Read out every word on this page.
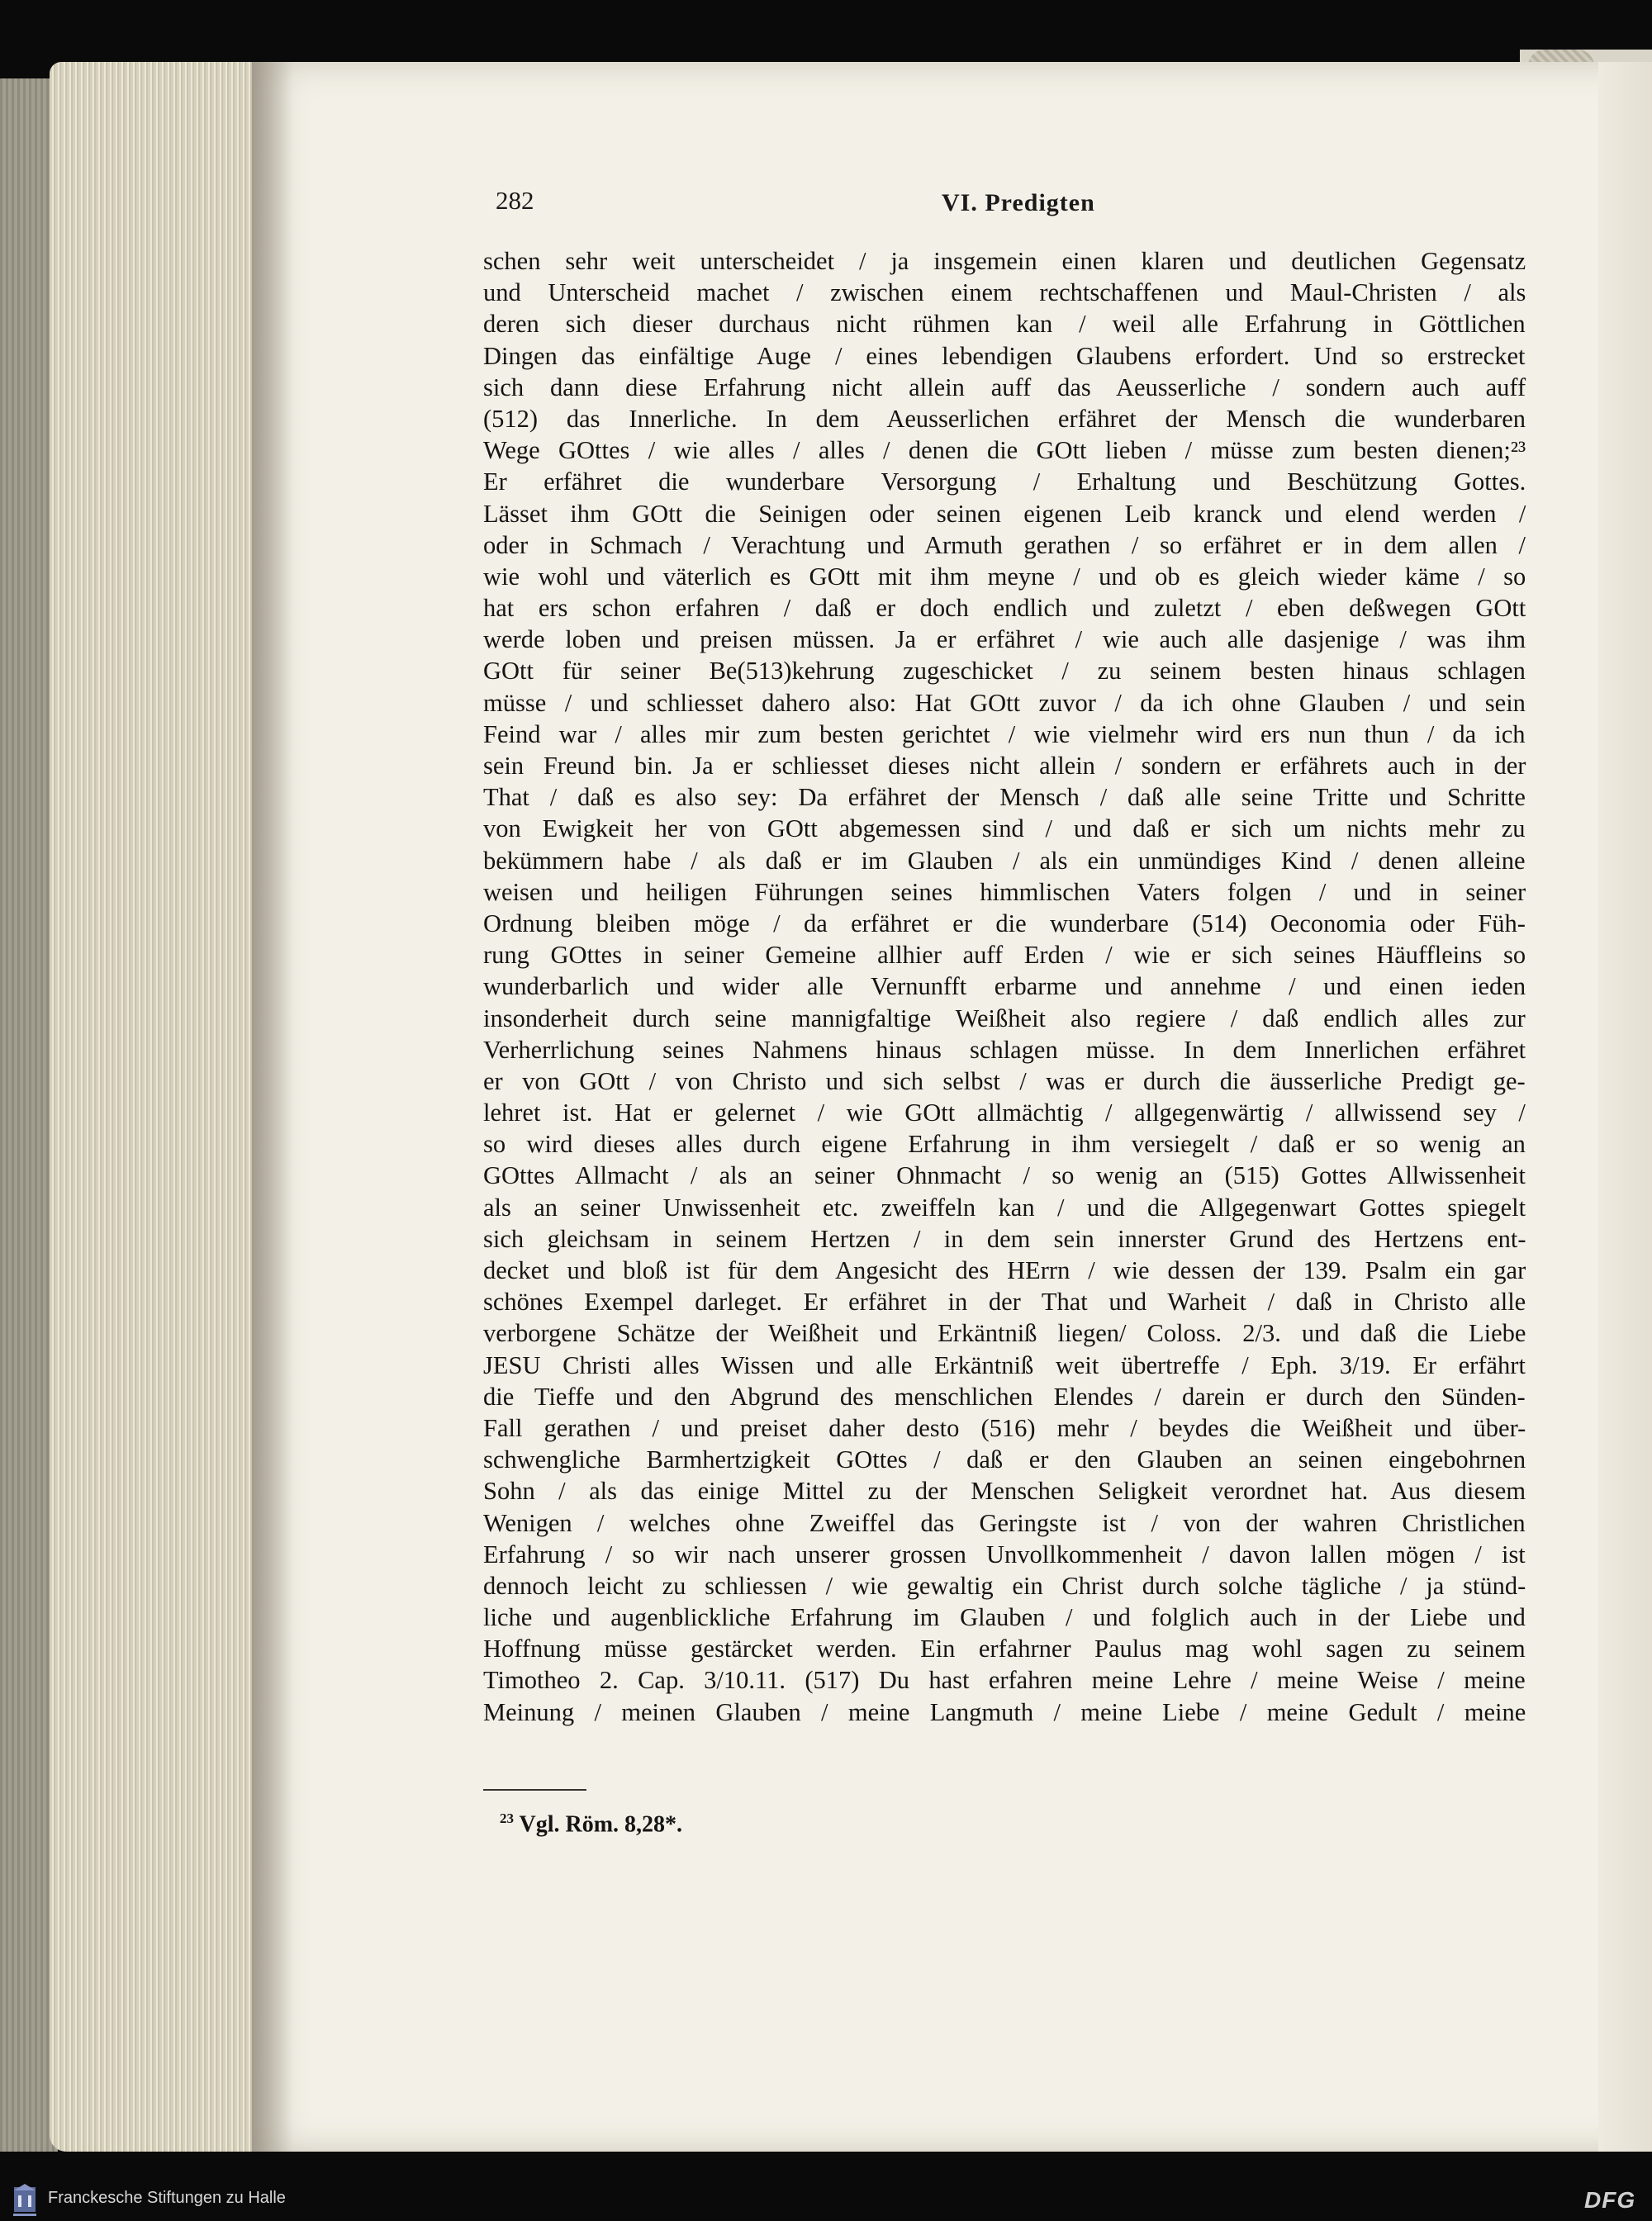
282	VI. Predigten
schen sehr weit unterscheidet / ja insgemein einen klaren und deutlichen Gegensatz
und Unterscheid machet / zwischen einem rechtschaffenen und Maul-Christen / als
deren sich dieser durchaus nicht rühmen kan / weil alle Erfahrung in Göttlichen
Dingen das einfältige Auge / eines lebendigen Glaubens erfordert. Und so erstrecket
sich dann diese Erfahrung nicht allein auff das Aeusserliche / sondern auch auff
(512) das Innerliche. In dem Aeusserlichen erfähret der Mensch die wunderbaren
Wege GOttes / wie alles / alles / denen die GOtt lieben / müsse zum besten dienen;²³
Er erfähret die wunderbare Versorgung / Erhaltung und Beschützung Gottes.
Lässet ihm GOtt die Seinigen oder seinen eigenen Leib kranck und elend werden /
oder in Schmach / Verachtung und Armuth gerathen / so erfähret er in dem allen /
wie wohl und väterlich es GOtt mit ihm meyne / und ob es gleich wieder käme / so
hat ers schon erfahren / daß er doch endlich und zuletzt / eben deßwegen GOtt
werde loben und preisen müssen. Ja er erfähret / wie auch alle dasjenige / was ihm
GOtt für seiner Be(513)kehrung zugeschicket / zu seinem besten hinaus schlagen
müsse / und schliesset dahero also: Hat GOtt zuvor / da ich ohne Glauben / und sein
Feind war / alles mir zum besten gerichtet / wie vielmehr wird ers nun thun / da ich
sein Freund bin. Ja er schliesset dieses nicht allein / sondern er erfährets auch in der
That / daß es also sey: Da erfähret der Mensch / daß alle seine Tritte und Schritte
von Ewigkeit her von GOtt abgemessen sind / und daß er sich um nichts mehr zu
bekümmern habe / als daß er im Glauben / als ein unmündiges Kind / denen alleine
weisen und heiligen Führungen seines himmlischen Vaters folgen / und in seiner
Ordnung bleiben möge / da erfähret er die wunderbare (514) Oeconomia oder Füh-
rung GOttes in seiner Gemeine allhier auff Erden / wie er sich seines Häuffleins so
wunderbarlich und wider alle Vernunfft erbarme und annehme / und einen ieden
insonderheit durch seine mannigfaltige Weißheit also regiere / daß endlich alles zur
Verherrlichung seines Nahmens hinaus schlagen müsse. In dem Innerlichen erfähret
er von GOtt / von Christo und sich selbst / was er durch die äusserliche Predigt ge-
lehret ist. Hat er gelernet / wie GOtt allmächtig / allgegenwärtig / allwissend sey /
so wird dieses alles durch eigene Erfahrung in ihm versiegelt / daß er so wenig an
GOttes Allmacht / als an seiner Ohnmacht / so wenig an (515) Gottes Allwissenheit
als an seiner Unwissenheit etc. zweiffeln kan / und die Allgegenwart Gottes spiegelt
sich gleichsam in seinem Hertzen / in dem sein innerster Grund des Hertzens ent-
decket und bloß ist für dem Angesicht des HErrn / wie dessen der 139. Psalm ein gar
schönes Exempel darleget. Er erfähret in der That und Warheit / daß in Christo alle
verborgene Schätze der Weißheit und Erkäntniß liegen/ Coloss. 2/3. und daß die Liebe
JESU Christi alles Wissen und alle Erkäntniß weit übertreffe / Eph. 3/19. Er erfährt
die Tieffe und den Abgrund des menschlichen Elendes / darein er durch den Sünden-
Fall gerathen / und preiset daher desto (516) mehr / beydes die Weißheit und über-
schwengliche Barmhertzigkeit GOttes / daß er den Glauben an seinen eingebohrnen
Sohn / als das einige Mittel zu der Menschen Seligkeit verordnet hat. Aus diesem
Wenigen / welches ohne Zweiffel das Geringste ist / von der wahren Christlichen
Erfahrung / so wir nach unserer grossen Unvollkommenheit / davon lallen mögen / ist
dennoch leicht zu schliessen / wie gewaltig ein Christ durch solche tägliche / ja stünd-
liche und augenblickliche Erfahrung im Glauben / und folglich auch in der Liebe und
Hoffnung müsse gestärcket werden. Ein erfahrner Paulus mag wohl sagen zu seinem
Timotheo 2. Cap. 3/10.11. (517) Du hast erfahren meine Lehre / meine Weise / meine
Meinung / meinen Glauben / meine Langmuth / meine Liebe / meine Gedult / meine
$^{23}$ Vgl. Röm. 8,28*.
Franckesche Stiftungen zu Halle	DFG
